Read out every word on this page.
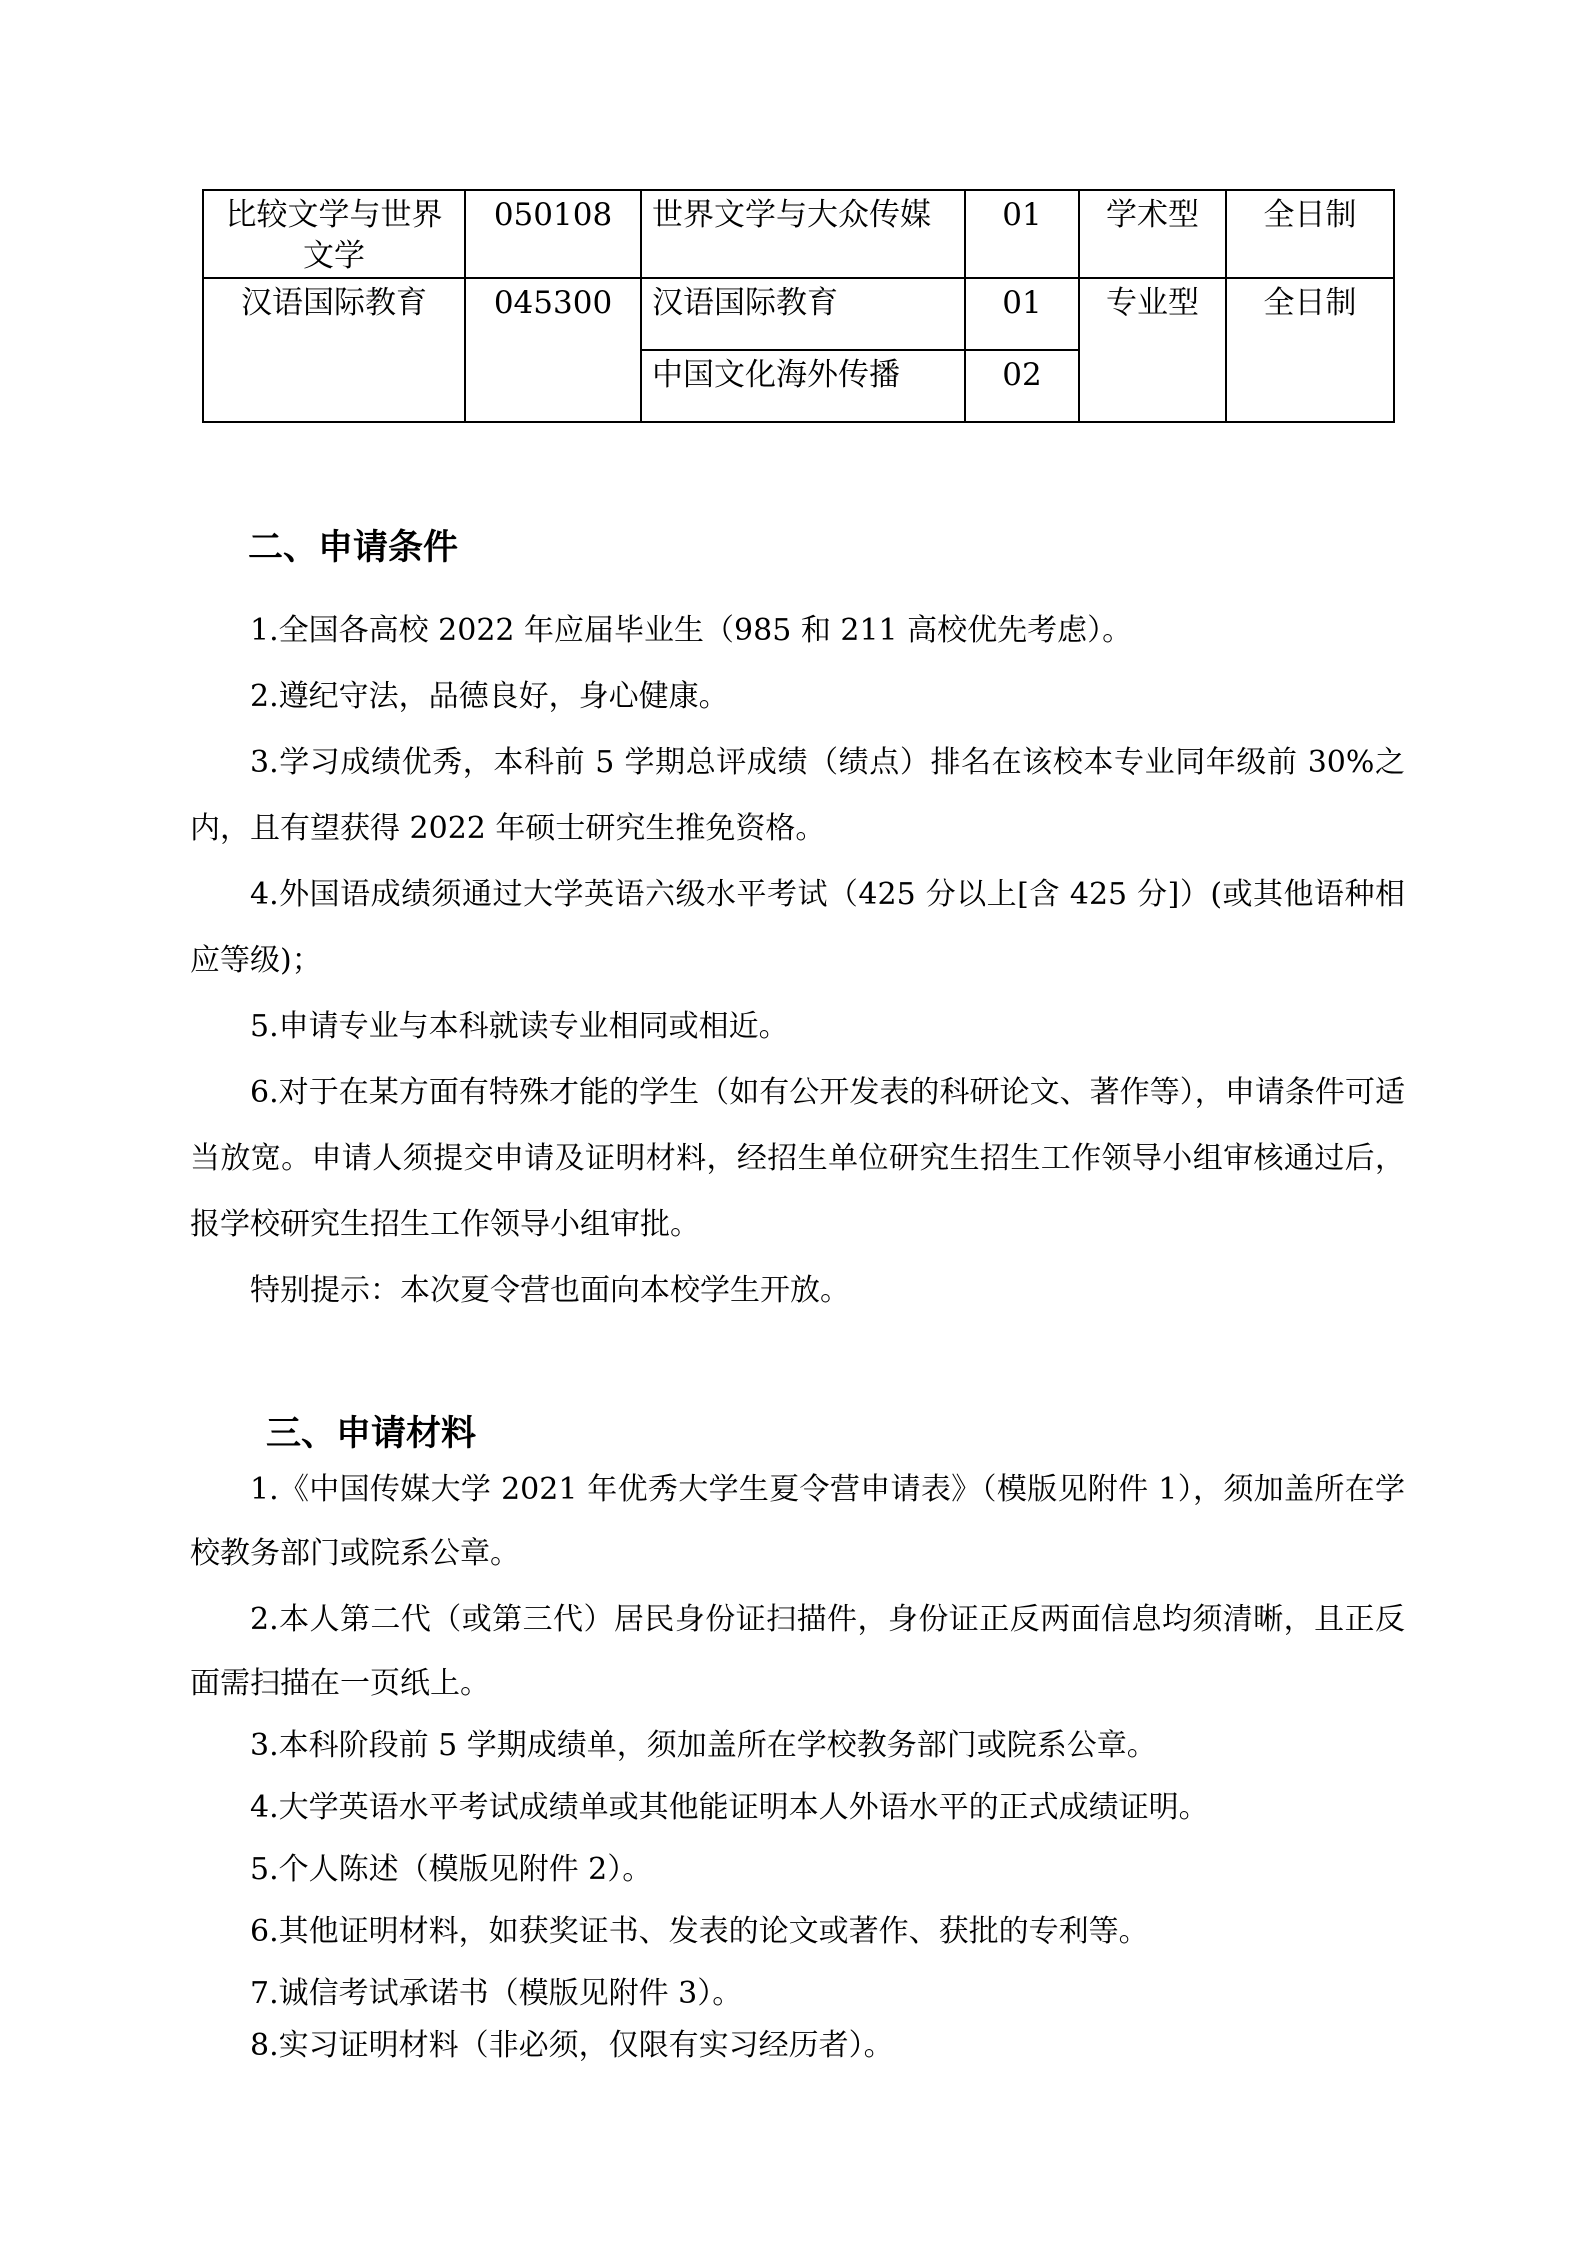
比较文学与世界文学	050108	世界文学与大众传媒	01	学术型	全日制
汉语国际教育	045300	汉语国际教育	01	专业型	全日制
		中国文化海外传播	02		
二、申请条件

1.全国各高校 2022 年应届毕业生（985 和 211 高校优先考虑）。

2.遵纪守法，品德良好，身心健康。

3.学习成绩优秀，本科前 5 学期总评成绩（绩点）排名在该校本专业同年级前 30%之内，且有望获得 2022 年硕士研究生推免资格。

4.外国语成绩须通过大学英语六级水平考试（425 分以上[含 425 分]）(或其他语种相应等级)；

5.申请专业与本科就读专业相同或相近。

6.对于在某方面有特殊才能的学生（如有公开发表的科研论文、著作等），申请条件可适当放宽。申请人须提交申请及证明材料，经招生单位研究生招生工作领导小组审核通过后，报学校研究生招生工作领导小组审批。

特别提示：本次夏令营也面向本校学生开放。

三、申请材料

1.《中国传媒大学 2021 年优秀大学生夏令营申请表》（模版见附件 1），须加盖所在学校教务部门或院系公章。

2.本人第二代（或第三代）居民身份证扫描件，身份证正反两面信息均须清晰，且正反面需扫描在一页纸上。

3.本科阶段前 5 学期成绩单，须加盖所在学校教务部门或院系公章。

4.大学英语水平考试成绩单或其他能证明本人外语水平的正式成绩证明。

5.个人陈述（模版见附件 2）。

6.其他证明材料，如获奖证书、发表的论文或著作、获批的专利等。

7.诚信考试承诺书（模版见附件 3）。

8.实习证明材料（非必须，仅限有实习经历者）。
